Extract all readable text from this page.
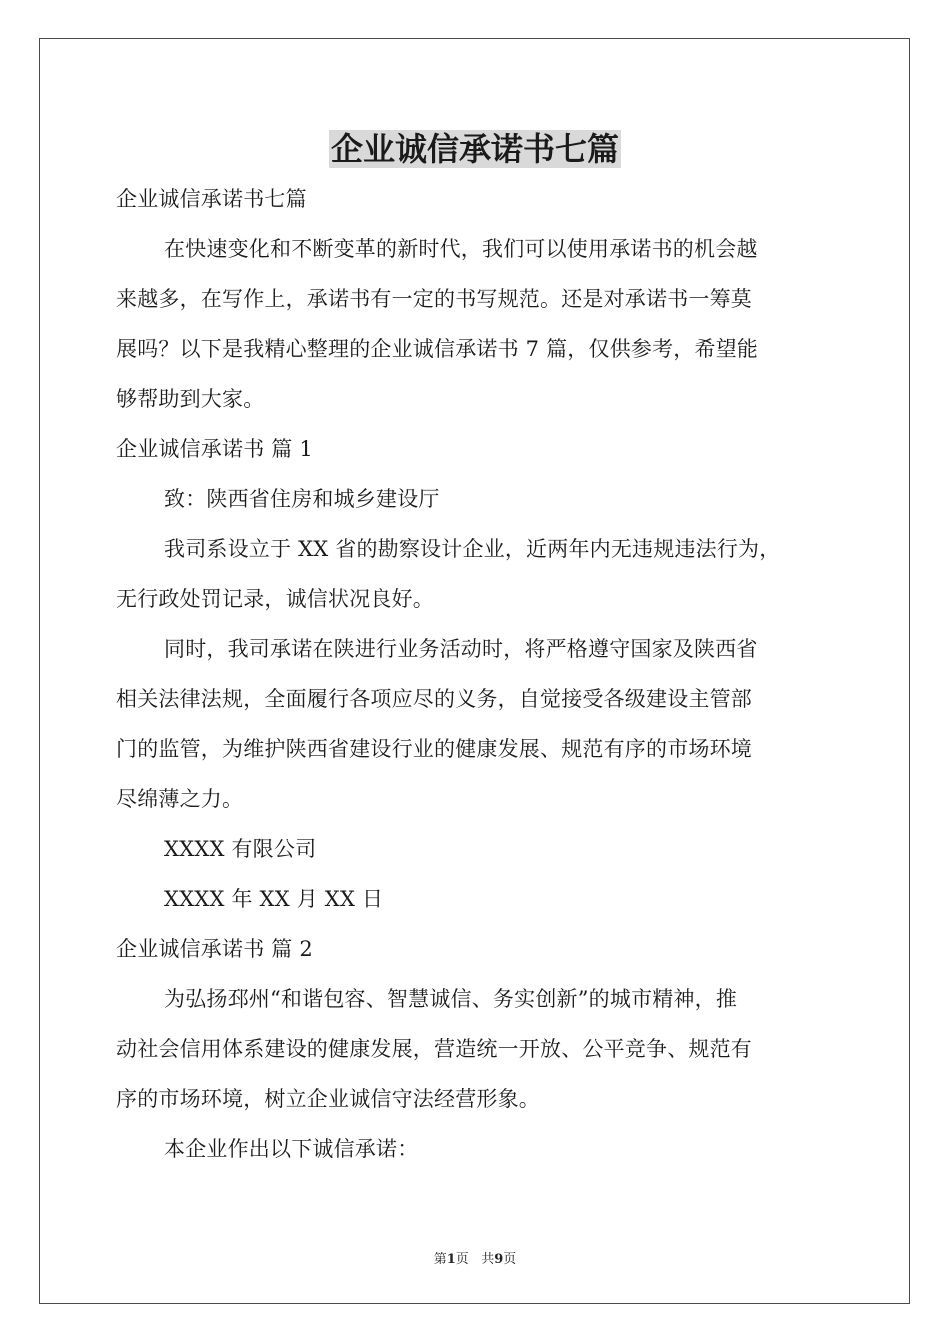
企业诚信承诺书七篇
企业诚信承诺书七篇
在快速变化和不断变革的新时代，我们可以使用承诺书的机会越
来越多，在写作上，承诺书有一定的书写规范。还是对承诺书一筹莫
展吗？以下是我精心整理的企业诚信承诺书 7 篇，仅供参考，希望能
够帮助到大家。
企业诚信承诺书 篇 1
致：陕西省住房和城乡建设厅
我司系设立于 XX 省的勘察设计企业，近两年内无违规违法行为，
无行政处罚记录，诚信状况良好。
同时，我司承诺在陕进行业务活动时，将严格遵守国家及陕西省
相关法律法规，全面履行各项应尽的义务，自觉接受各级建设主管部
门的监管，为维护陕西省建设行业的健康发展、规范有序的市场环境
尽绵薄之力。
XXXX 有限公司
XXXX 年 XX 月 XX 日
企业诚信承诺书 篇 2
为弘扬邳州“和谐包容、智慧诚信、务实创新”的城市精神，推
动社会信用体系建设的健康发展，营造统一开放、公平竞争、规范有
序的市场环境，树立企业诚信守法经营形象。
本企业作出以下诚信承诺：
第1页   共9页
